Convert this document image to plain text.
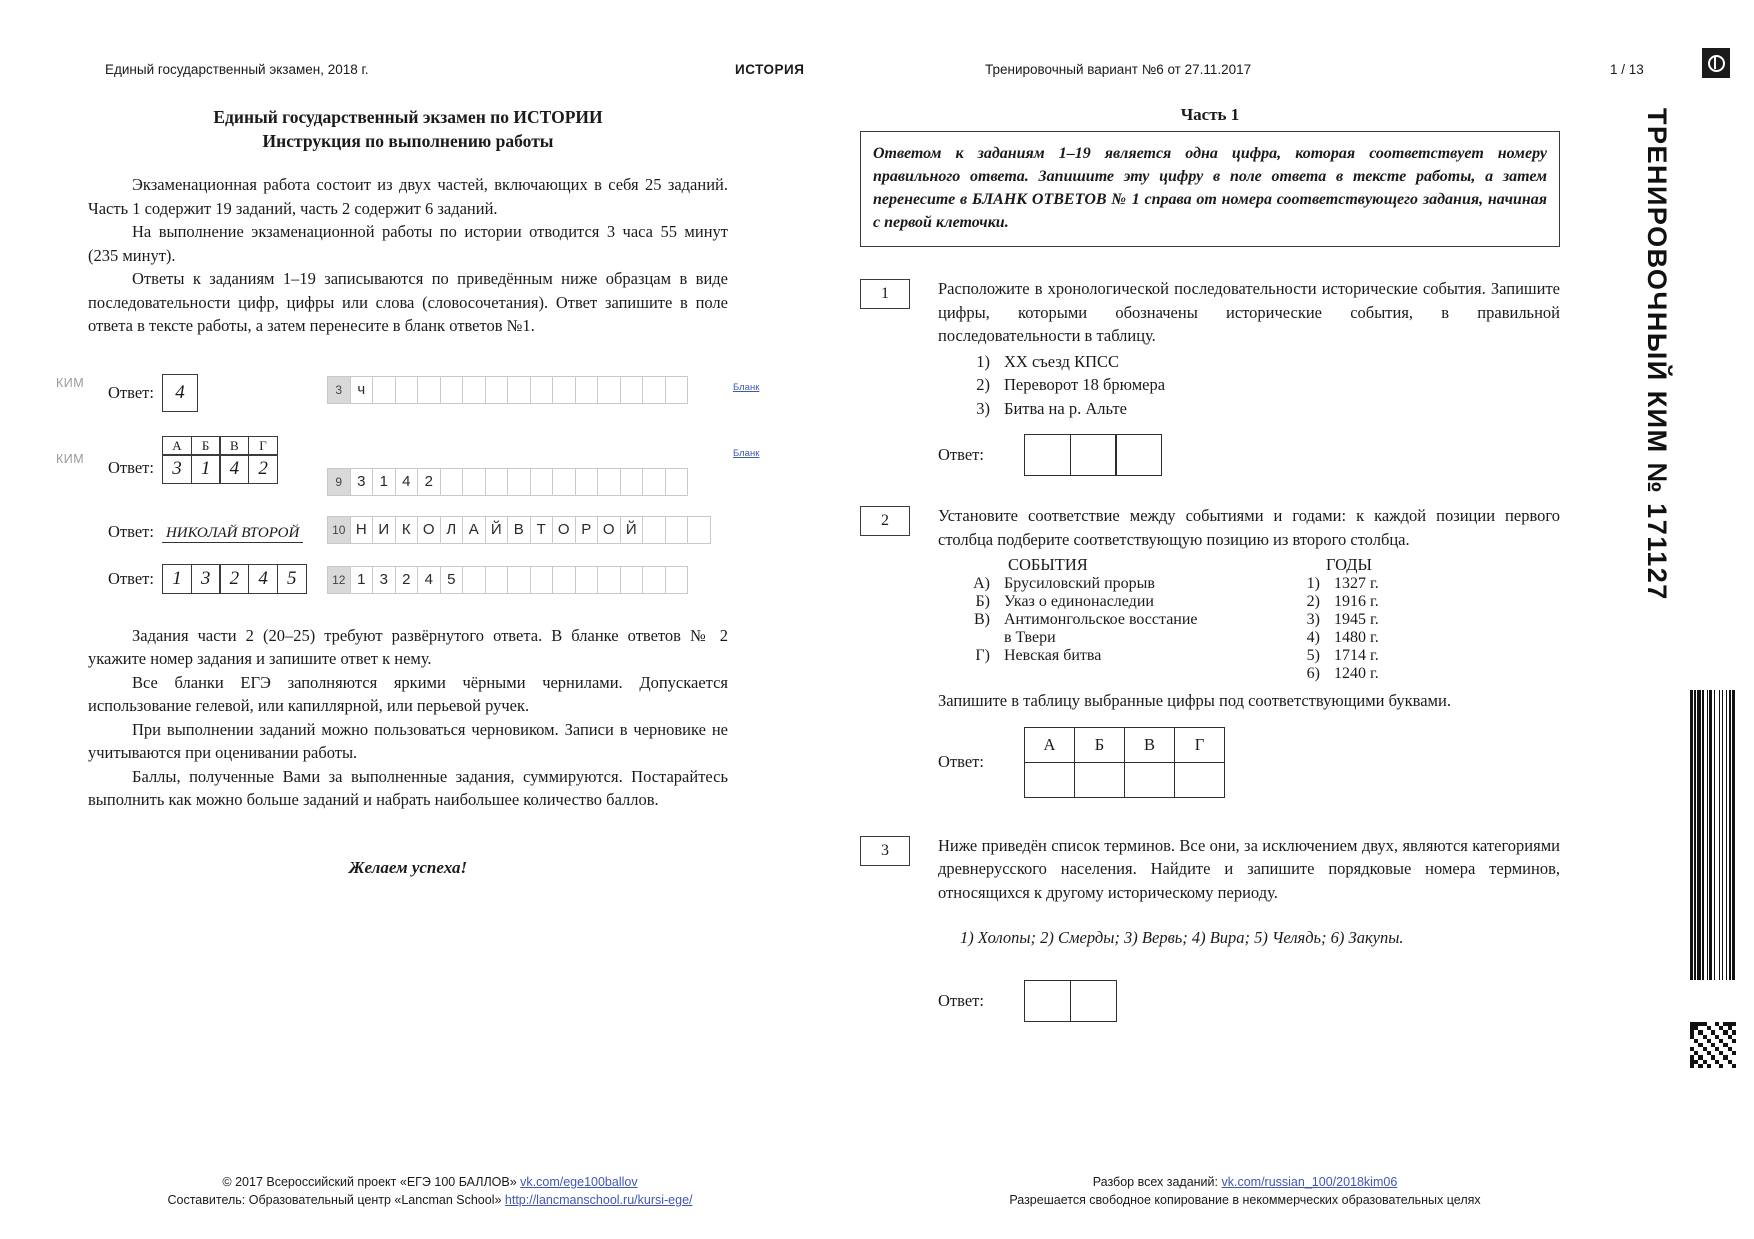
Единый государственный экзамен, 2018 г.	ИСТОРИЯ	Тренировочный вариант №6 от 27.11.2017	1 / 13
ТРЕНИРОВОЧНЫЙ КИМ № 171127
Единый государственный экзамен по ИСТОРИИ
Инструкция по выполнению работы

Экзаменационная работа состоит из двух частей, включающих в себя 25 заданий. Часть 1 содержит 19 заданий, часть 2 содержит 6 заданий.

На выполнение экзаменационной работы по истории отводится 3 часа 55 минут (235 минут).

Ответы к заданиям 1–19 записываются по приведённым ниже образцам в виде последовательности цифр, цифры или слова (словосочетания). Ответ запишите в поле ответа в тексте работы, а затем перенесите в бланк ответов №1.

КИМ Ответ: 4	3	ч	Бланк
КИМ Ответ:
А	Б	В	Г
3 1 4 2
9 3 1 4 2
Бланк
Ответ: НИКОЛАЙ ВТОРОЙ	10 Н И К О Л А Й В Т О Р О Й
Ответ: 1 3 2 4 5	12 1 3 2 4 5

Задания части 2 (20–25) требуют развёрнутого ответа. В бланке ответов № 2 укажите номер задания и запишите ответ к нему.

Все бланки ЕГЭ заполняются яркими чёрными чернилами. Допускается использование гелевой, или капиллярной, или перьевой ручек.

При выполнении заданий можно пользоваться черновиком. Записи в черновике не учитываются при оценивании работы.

Баллы, полученные Вами за выполненные задания, суммируются. Постарайтесь выполнить как можно больше заданий и набрать наибольшее количество баллов.

Желаем успеха!
Часть 1
Ответом к заданиям 1–19 является одна цифра, которая соответствует номеру правильного ответа. Запишите эту цифру в поле ответа в тексте работы, а затем перенесите в БЛАНК ОТВЕТОВ № 1 справа от номера соответствующего задания, начиная с первой клеточки.
1	Расположите в хронологической последовательности исторические события. Запишите цифры, которыми обозначены исторические события, в правильной последовательности в таблицу.
1) XX съезд КПСС
2) Переворот 18 брюмера
3) Битва на р. Альте
Ответ:
2	Установите соответствие между событиями и годами: к каждой позиции первого столбца подберите соответствующую позицию из второго столбца.
СОБЫТИЯ
А) Брусиловский прорыв
Б) Указ о единонаследии
В) Антимонгольское восстание
в Твери
Г) Невская битва
ГОДЫ
1) 1327 г.
2) 1916 г.
3) 1945 г.
4) 1480 г.
5) 1714 г.
6) 1240 г.
Запишите в таблицу выбранные цифры под соответствующими буквами.
Ответ:
А	Б	В	Г

3	Ниже приведён список терминов. Все они, за исключением двух, являются категориями древнерусского населения. Найдите и запишите порядковые номера терминов, относящихся к другому историческому периоду.
1) Холопы; 2) Смерды; 3) Вервь; 4) Вира; 5) Челядь; 6) Закупы.
Ответ:
© 2017 Всероссийский проект «ЕГЭ 100 БАЛЛОВ» vk.com/ege100ballov
Составитель: Образовательный центр «Lancman School» http://lancmanschool.ru/kursi-ege/
Разбор всех заданий: vk.com/russian_100/2018kim06
Разрешается свободное копирование в некоммерческих образовательных целях
